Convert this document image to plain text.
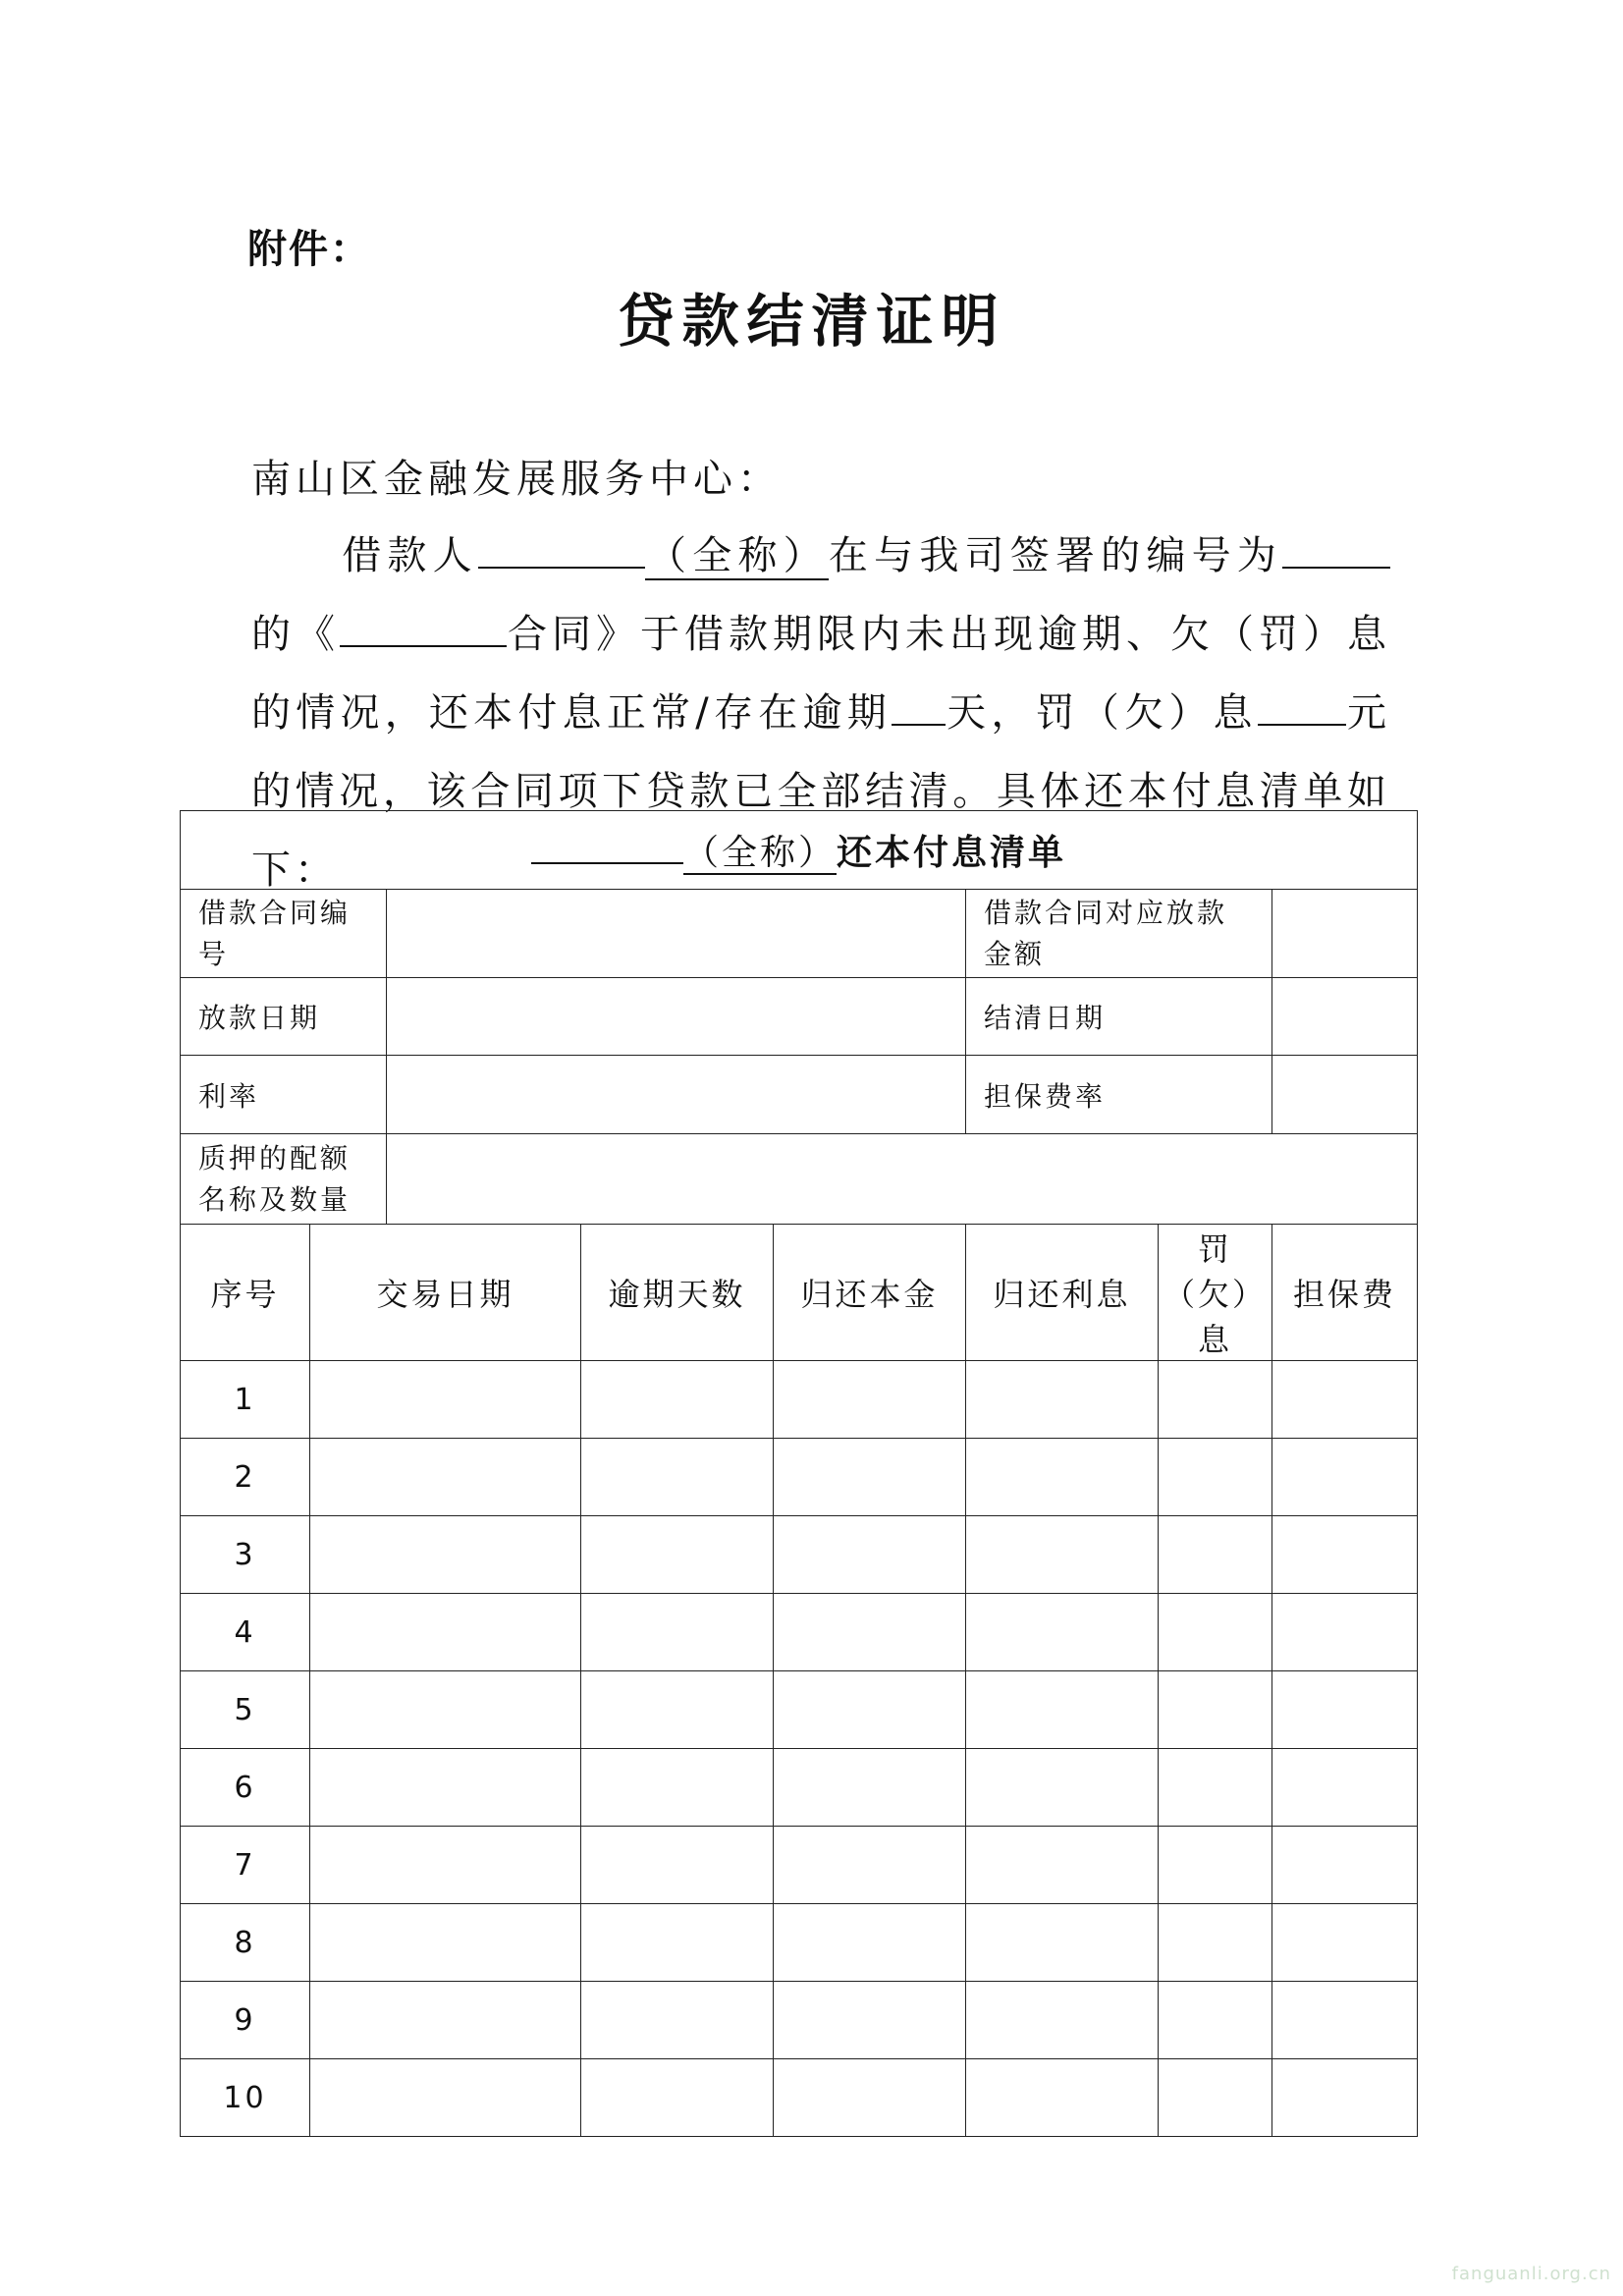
附件：
贷款结清证明
南山区金融发展服务中心：
借款人	（全称）在与我司签署的编号为的《	合同》于借款期限内未出现逾期、欠（罚）息的情况，还本付息正常/存在逾期 天，罚（欠）息 元的情况，该合同项下贷款已全部结清。具体还本付息清单如下：	（全称）还本付息清单							
借款合同编号					借款合同对应放款金额		
放款日期					结清日期		
利率					担保费率		
质押的配额名称及数量							
序号	交易日期		逾期天数	归还本金	归还利息	罚（欠）息	担保费
1							
2							
3							
4							
5							
6							
7							
8							
9							
10							
fanguanli.org.cn
